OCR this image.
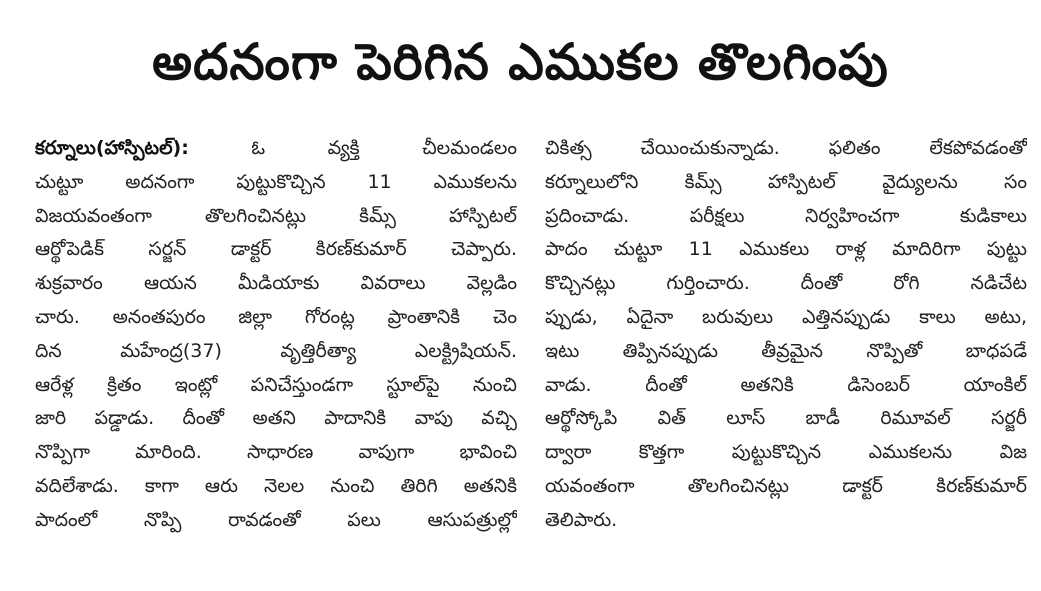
అదనంగా పెరిగిన ఎముకల తొలగింపు
కర్నూలు(హాస్పిటల్): ఓ వ్యక్తి చీలమండలం
చుట్టూ అదనంగా పుట్టుకొచ్చిన 11 ఎముకలను
విజయవంతంగా తొలగించినట్లు కిమ్స్ హాస్పిటల్
ఆర్థోపెడిక్ సర్జన్ డాక్టర్ కిరణ్‌కుమార్ చెప్పారు.
శుక్రవారం ఆయన మీడియాకు వివరాలు వెల్లడిం
చారు. అనంతపురం జిల్లా గోరంట్ల ప్రాంతానికి చెం
దిన మహేంద్ర(37) వృత్తిరీత్యా ఎలక్ట్రిషియన్.
ఆరేళ్ల క్రితం ఇంట్లో పనిచేస్తుండగా స్టూల్‌పై నుంచి
జారి పడ్డాడు. దీంతో అతని పాదానికి వాపు వచ్చి
నొప్పిగా మారింది. సాధారణ వాపుగా భావించి
వదిలేశాడు. కాగా ఆరు నెలల నుంచి తిరిగి అతనికి
పాదంలో నొప్పి రావడంతో పలు ఆసుపత్రుల్లో
చికిత్స చేయించుకున్నాడు. ఫలితం లేకపోవడంతో
కర్నూలులోని కిమ్స్ హాస్పిటల్ వైద్యులను సం
ప్రదించాడు. పరీక్షలు నిర్వహించగా కుడికాలు
పాదం చుట్టూ 11 ఎముకలు రాళ్ల మాదిరిగా పుట్టు
కొచ్చినట్లు గుర్తించారు. దీంతో రోగి నడిచేట
ప్పుడు, ఏదైనా బరువులు ఎత్తినప్పుడు కాలు అటు,
ఇటు తిప్పినప్పుడు తీవ్రమైన నొప్పితో బాధపడే
వాడు. దీంతో అతనికి డిసెంబర్ యాంకిల్
ఆర్థోస్కోపి విత్ లూస్ బాడీ రిమూవల్ సర్జరీ
ద్వారా కొత్తగా పుట్టుకొచ్చిన ఎముకలను విజ
యవంతంగా తొలగించినట్లు డాక్టర్ కిరణ్‌కుమార్
తెలిపారు.
